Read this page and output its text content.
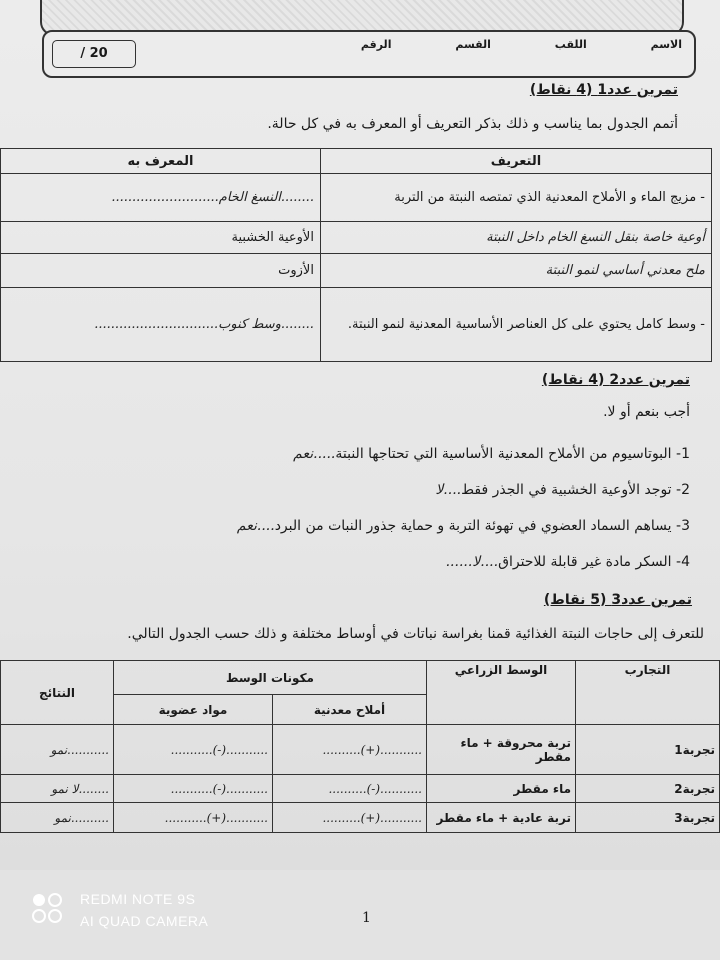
الاسم اللقب القسم الرقم
/ 20
تمرين عدد1 (4 نقاط)
أتمم الجدول بما يناسب و ذلك بذكر التعريف أو المعرف به في كل حالة.
التعريف	المعرف به
- مزيج الماء و الأملاح المعدنية الذي تمتصه النبتة من التربة	........النسغ الخام..........................
أوعية خاصة بنقل النسغ الخام داخل النبتة	الأوعية الخشبية
ملح معدني أساسي لنمو النبتة	الأزوت
- وسط كامل يحتوي على كل العناصر الأساسية المعدنية لنمو النبتة.	........وسط كنوب..............................
تمرين عدد2 (4 نقاط)
أجب بنعم أو لا.
1- البوتاسيوم من الأملاح المعدنية الأساسية التي تحتاجها النبتة.....نعم
2- توجد الأوعية الخشبية في الجذر فقط....لا
3- يساهم السماد العضوي في تهوئة التربة و حماية جذور النبات من البرد....نعم
4- السكر مادة غير قابلة للاحتراق....لا......
تمرين عدد3 (5 نقاط)
للتعرف إلى حاجات النبتة الغذائية قمنا بغراسة نباتات في أوساط مختلفة و ذلك حسب الجدول التالي.
التجارب	الوسط الزراعي	مكونات الوسط		النتائج
		أملاح معدنية	مواد عضوية	
تجربة1	تربة محروقة + ماء مقطر	...........(+)..........	...........(-)...........	...........نمو
تجربة2	ماء مقطر	...........(-)..........	...........(-)...........	........لا نمو
تجربة3	تربة عادية + ماء مقطر	...........(+)..........	...........(+)...........	..........نمو
REDMI NOTE 9S
AI QUAD CAMERA	1
